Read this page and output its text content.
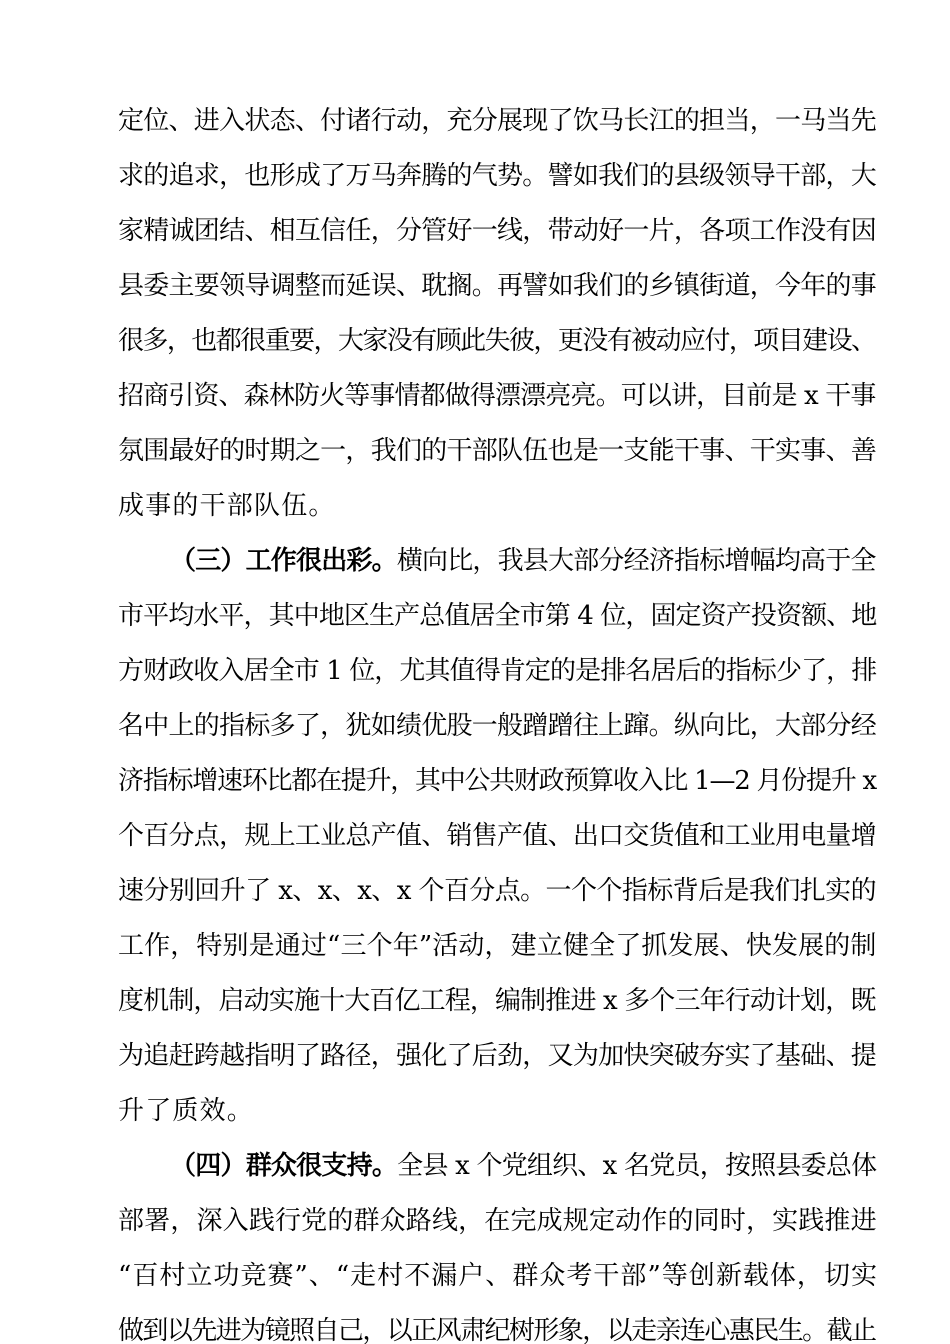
定位、进入状态、付诸行动，充分展现了饮马长江的担当，一马当先
求的追求，也形成了万马奔腾的气势。譬如我们的县级领导干部，大
家精诚团结、相互信任，分管好一线，带动好一片，各项工作没有因
县委主要领导调整而延误、耽搁。再譬如我们的乡镇街道，今年的事
很多，也都很重要，大家没有顾此失彼，更没有被动应付，项目建设、
招商引资、森林防火等事情都做得漂漂亮亮。可以讲，目前是 x 干事
氛围最好的时期之一，我们的干部队伍也是一支能干事、干实事、善
成事的干部队伍。
（三）工作很出彩。横向比，我县大部分经济指标增幅均高于全
市平均水平，其中地区生产总值居全市第 4 位，固定资产投资额、地
方财政收入居全市 1 位，尤其值得肯定的是排名居后的指标少了，排
名中上的指标多了，犹如绩优股一般蹭蹭往上蹿。纵向比，大部分经
济指标增速环比都在提升，其中公共财政预算收入比 1—2 月份提升 x
个百分点，规上工业总产值、销售产值、出口交货值和工业用电量增
速分别回升了 x、x、x、x 个百分点。一个个指标背后是我们扎实的
工作，特别是通过“三个年”活动，建立健全了抓发展、快发展的制
度机制，启动实施十大百亿工程，编制推进 x 多个三年行动计划，既
为追赶跨越指明了路径，强化了后劲，又为加快突破夯实了基础、提
升了质效。
（四）群众很支持。全县 x 个党组织、x 名党员，按照县委总体
部署，深入践行党的群众路线，在完成规定动作的同时，实践推进
“百村立功竞赛”、“走村不漏户、群众考干部”等创新载体，切实
做到以先进为镜照自己，以正风肃纪树形象，以走亲连心惠民生。截止
